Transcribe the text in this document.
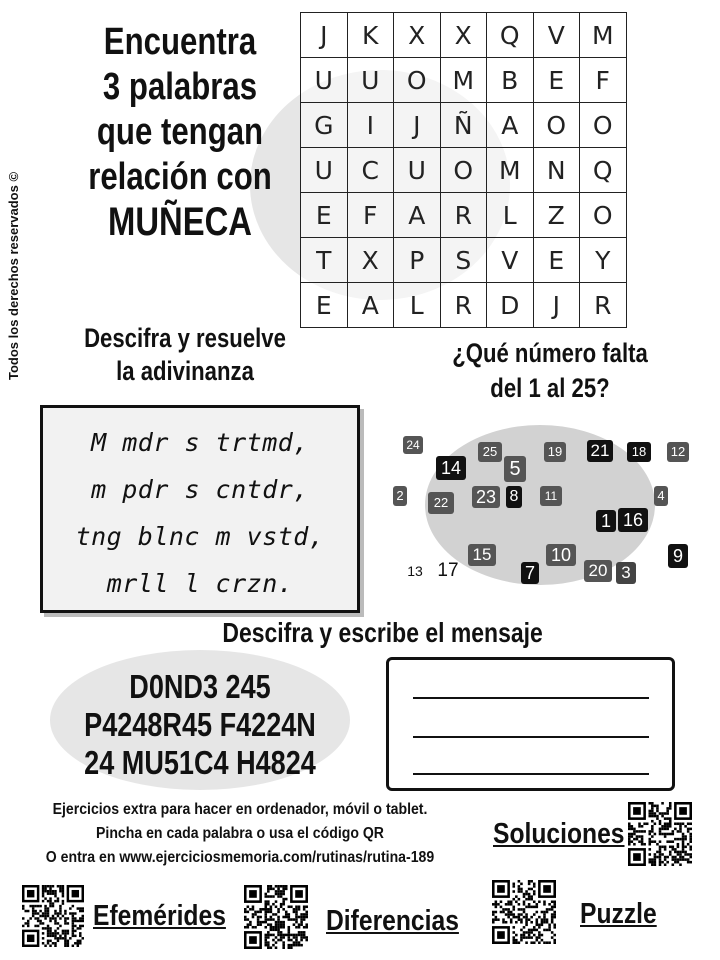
Encuentra
3 palabras
que tengan
relación con
MUÑECA
Todos los derechos reservados ©
J	K	X	X	Q	V	M
U	U	O	M	B	E	F
G	I	J	Ñ	A	O	O
U	C	U	O	M	N	Q
E	F	A	R	L	Z	O
T	X	P	S	V	E	Y
E	A	L	R	D	J	R
Descifra y resuelve
la adivinanza
M mdr s trtmd,
m pdr s cntdr,
tng blnc m vstd,
mrll l crzn.
¿Qué número falta
del 1 al 25?
24	25	19 21	18	12
14 5
2	22	23 8	11	4
1 16
15	10	9
13 17	7	20 3
Descifra y escribe el mensaje
D0ND3 245
P4248R45 F4224N
24 MU51C4 H4824
Ejercicios extra para hacer en ordenador, móvil o tablet.
Pincha en cada palabra o usa el código QR
O entra en www.ejerciciosmemoria.com/rutinas/rutina-189
Soluciones
Efemérides	Diferencias	Puzzle
